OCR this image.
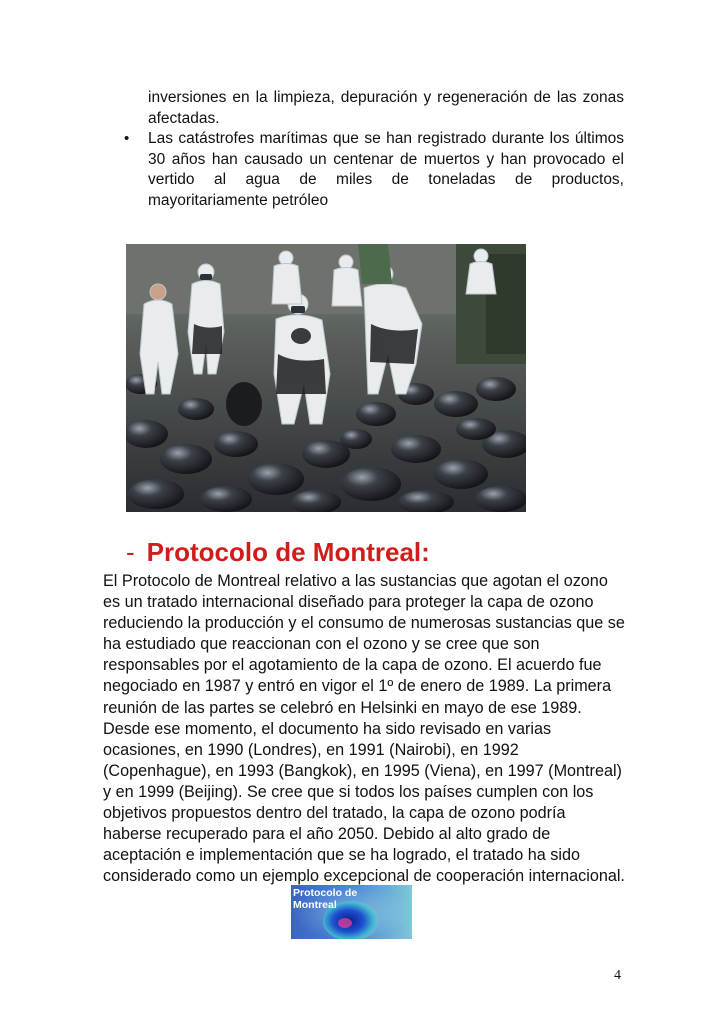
inversiones en la limpieza, depuración y regeneración de las zonas afectadas.

• Las catástrofes marítimas que se han registrado durante los últimos 30 años han causado un centenar de muertos y han provocado el vertido al agua de miles de toneladas de productos, mayoritariamente petróleo

- Protocolo de Montreal:

El Protocolo de Montreal relativo a las sustancias que agotan el ozono es un tratado internacional diseñado para proteger la capa de ozono reduciendo la producción y el consumo de numerosas sustancias que se ha estudiado que reaccionan con el ozono y se cree que son responsables por el agotamiento de la capa de ozono. El acuerdo fue negociado en 1987 y entró en vigor el 1º de enero de 1989. La primera reunión de las partes se celebró en Helsinki en mayo de ese 1989. Desde ese momento, el documento ha sido revisado en varias ocasiones, en 1990 (Londres), en 1991 (Nairobi), en 1992 (Copenhague), en 1993 (Bangkok), en 1995 (Viena), en 1997 (Montreal) y en 1999 (Beijing). Se cree que si todos los países cumplen con los objetivos propuestos dentro del tratado, la capa de ozono podría haberse recuperado para el año 2050. Debido al alto grado de aceptación e implementación que se ha logrado, el tratado ha sido considerado como un ejemplo excepcional de cooperación internacional.

Protocolo de
Montreal
4
